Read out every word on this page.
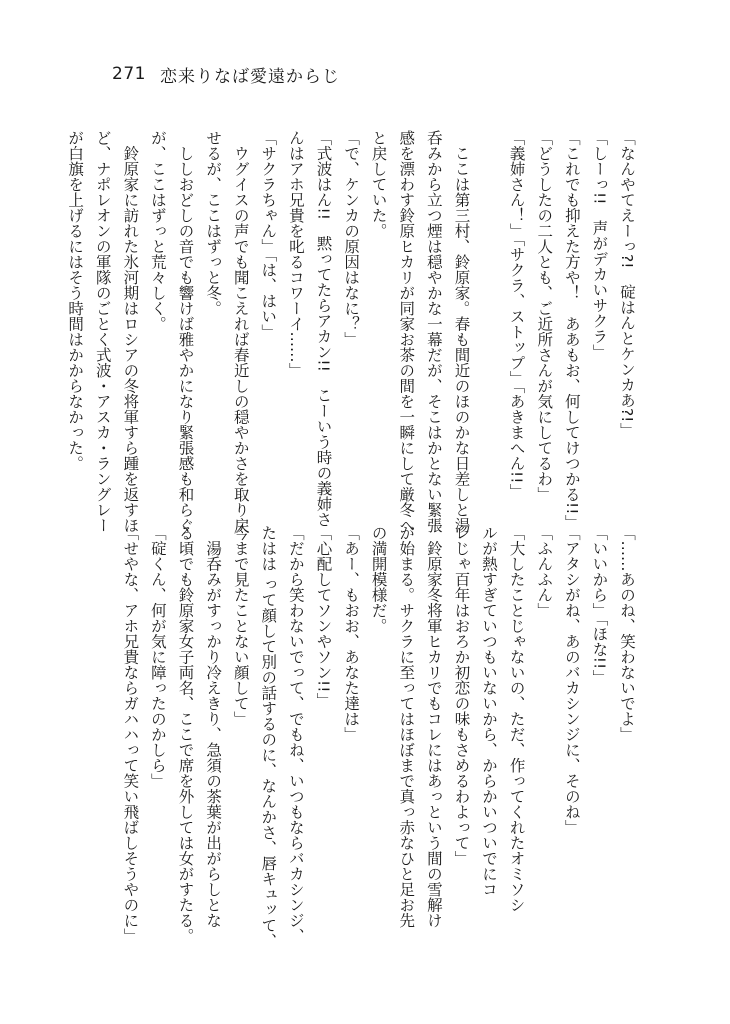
271 恋来りなば愛遠からじ
「なんやてえーっ?!　碇はんとケンカあ?!」
「しーっ!!　声がデカいサクラ」
「これでも抑えた方や！　ああもお、何してけつかる!!」
「どうしたの二人とも、ご近所さんが気にしてるわ」
「義姉さん！」「サクラ、ストップ」「あきまへん!!」
　ここは第三村、鈴原家。春も間近のほのかな日差しと湯
呑みから立つ煙は穏やかな一幕だが、そこはかとない緊張
感を漂わす鈴原ヒカリが同家お茶の間を一瞬にして厳冬へ
と戻していた。
「で、ケンカの原因はなに？」
「式波はん!!　黙ってたらアカン!!　こーいう時の義姉さ
んはアホ兄貴を叱るコワーイ……」
「サクラちゃん」「は、はい」
　ウグイスの声でも聞こえれば春近しの穏やかさを取り戻
せるが、ここはずっと冬。
　ししおどしの音でも響けば雅やかになり緊張感も和らぐ
が、ここはずっと荒々しく。
　鈴原家に訪れた氷河期はロシアの冬将軍すら踵を返すほ
ど、ナポレオンの軍隊のごとく式波・アスカ・ラングレー
が白旗を上げるにはそう時間はかからなかった。
「……あのね、笑わないでよ」
「いいから」「ほな!!」
「アタシがね、あのバカシンジに、そのね」
「ふんふん」
「大したことじゃないの、ただ、作ってくれたオミソシ
ルが熱すぎていつもいないから、からかいついでにコ
レじゃ百年はおろか初恋の味もさめるわよって」
　鈴原家冬将軍ヒカリでもコレにはあっという間の雪解け
が始まる。サクラに至ってはほぼまで真っ赤なひと足お先
の満開模様だ。
「あー、もおお、あなた達は」
「心配してソンやソン!!」
「だから笑わないでって、でもね、いつもならバカシンジ、
たはは って顔して別の話するのに、なんかさ、唇キュッて、
今まで見たことない顔して」
　湯呑みがすっかり冷えきり、急須の茶葉が出がらしとな
る頃でも鈴原家女子両名、ここで席を外しては女がすたる。
「碇くん、何が気に障ったのかしら」
「せやな、アホ兄貴ならガハハって笑い飛ばしそうやのに」
